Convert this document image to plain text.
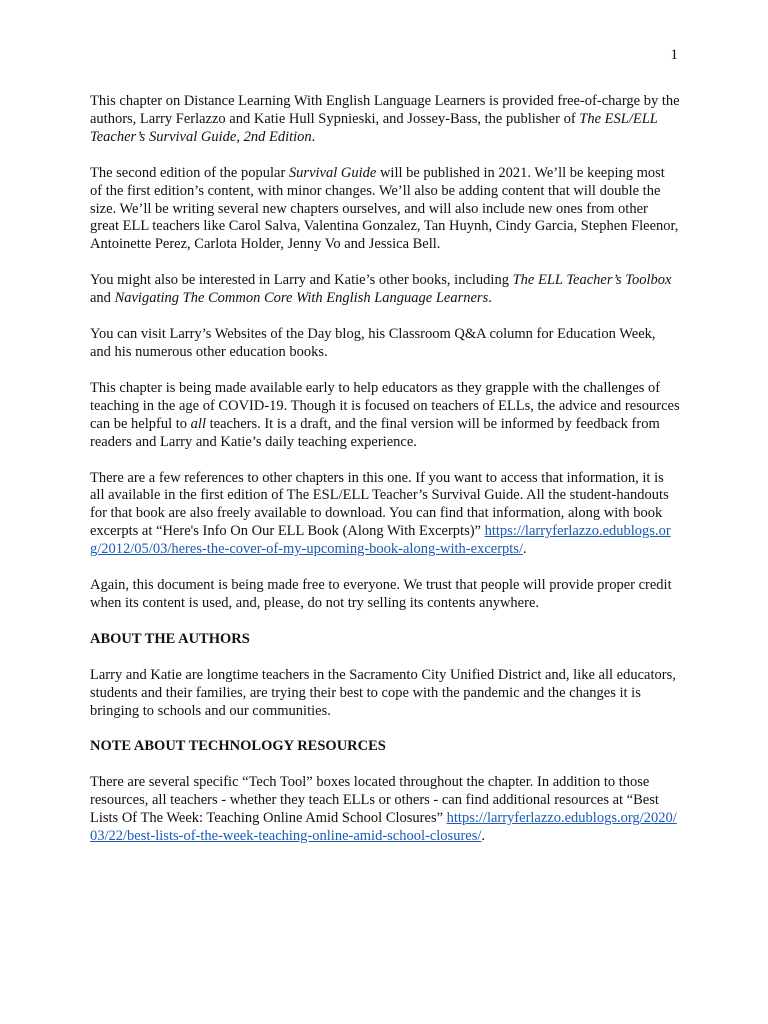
1

This chapter on Distance Learning With English Language Learners is provided free-of-charge by the authors, Larry Ferlazzo and Katie Hull Sypnieski, and Jossey-Bass, the publisher of The ESL/ELL Teacher’s Survival Guide, 2nd Edition.

The second edition of the popular Survival Guide will be published in 2021. We’ll be keeping most of the first edition’s content, with minor changes. We’ll also be adding content that will double the size. We’ll be writing several new chapters ourselves, and will also include new ones from other great ELL teachers like Carol Salva, Valentina Gonzalez, Tan Huynh, Cindy Garcia, Stephen Fleenor, Antoinette Perez, Carlota Holder, Jenny Vo and Jessica Bell.

You might also be interested in Larry and Katie’s other books, including The ELL Teacher’s Toolbox and Navigating The Common Core With English Language Learners.

You can visit Larry’s Websites of the Day blog, his Classroom Q&A column for Education Week, and his numerous other education books.

This chapter is being made available early to help educators as they grapple with the challenges of teaching in the age of COVID-19. Though it is focused on teachers of ELLs, the advice and resources can be helpful to all teachers. It is a draft, and the final version will be informed by feedback from readers and Larry and Katie’s daily teaching experience.

There are a few references to other chapters in this one. If you want to access that information, it is all available in the first edition of The ESL/ELL Teacher’s Survival Guide. All the student-handouts for that book are also freely available to download. You can find that information, along with book excerpts at “Here's Info On Our ELL Book (Along With Excerpts)” https://larryferlazzo.edublogs.org/2012/05/03/heres-the-cover-of-my-upcoming-book-along-with-excerpts/.

Again, this document is being made free to everyone. We trust that people will provide proper credit when its content is used, and, please, do not try selling its contents anywhere.

ABOUT THE AUTHORS

Larry and Katie are longtime teachers in the Sacramento City Unified District and, like all educators, students and their families, are trying their best to cope with the pandemic and the changes it is bringing to schools and our communities.

NOTE ABOUT TECHNOLOGY RESOURCES

There are several specific “Tech Tool” boxes located throughout the chapter. In addition to those resources, all teachers - whether they teach ELLs or others - can find additional resources at “Best Lists Of The Week: Teaching Online Amid School Closures” https://larryferlazzo.edublogs.org/2020/03/22/best-lists-of-the-week-teaching-online-amid-school-closures/.
